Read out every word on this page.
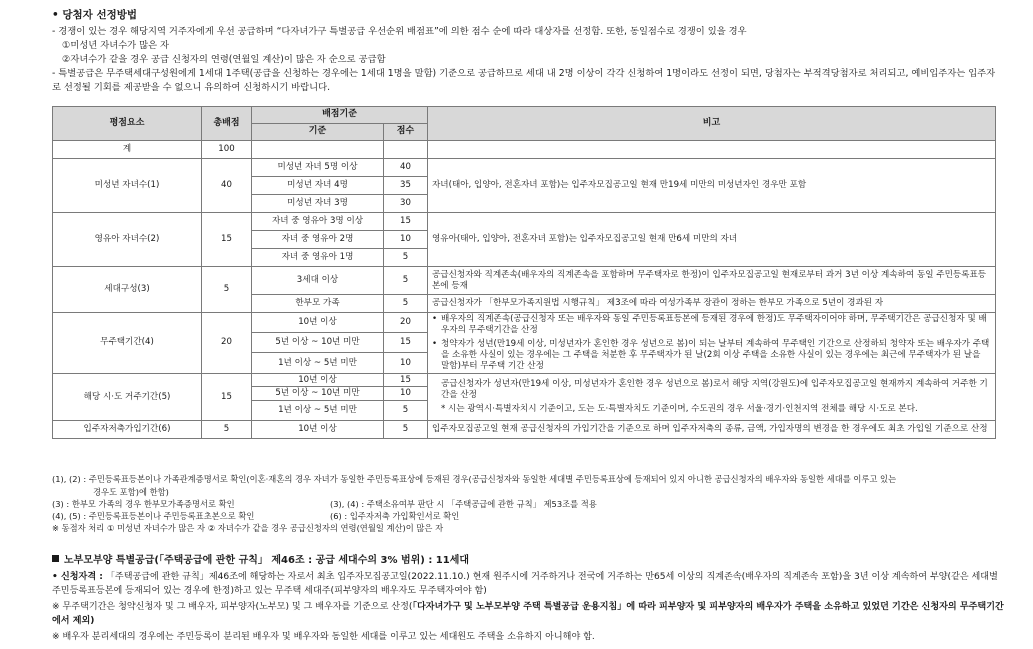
• 당첨자 선정방법
- 경쟁이 있는 경우 해당지역 거주자에게 우선 공급하며 “다자녀가구 특별공급 우선순위 배점표”에 의한 점수 순에 따라 대상자를 선정함. 또한, 동일점수로 경쟁이 있을 경우
①미성년 자녀수가 많은 자
②자녀수가 같을 경우 공급 신청자의 연령(연월일 계산)이 많은 자 순으로 공급함
- 특별공급은 무주택세대구성원에게 1세대 1주택(공급을 신청하는 경우에는 1세대 1명을 말함) 기준으로 공급하므로 세대 내 2명 이상이 각각 신청하여 1명이라도 선정이 되면, 당첨자는 부적격당첨자로 처리되고, 예비입주자는 입주자로 선정될 기회를 제공받을 수 없으니 유의하여 신청하시기 바랍니다.
평점요소	총배점	배점기준		비고
		기준	점수	
계	100			
미성년 자녀수(1)	40	미성년 자녀 5명 이상	40	자녀(태아, 입양아, 전혼자녀 포함)는 입주자모집공고일 현재 만19세 미만의 미성년자인 경우만 포함
		미성년 자녀 4명	35	
		미성년 자녀 3명	30	
영유아 자녀수(2)	15	자녀 중 영유아 3명 이상	15	영유아(태아, 입양아, 전혼자녀 포함)는 입주자모집공고일 현재 만6세 미만의 자녀
		자녀 중 영유아 2명	10	
		자녀 중 영유아 1명	5	
세대구성(3)	5	3세대 이상	5	공급신청자와 직계존속(배우자의 직계존속을 포함하며 무주택자로 한정)이 입주자모집공고일 현재로부터 과거 3년 이상 계속하여 동일 주민등록표등본에 등재
		한부모 가족	5	공급신청자가 「한부모가족지원법 시행규칙」 제3조에 따라 여성가족부 장관이 정하는 한부모 가족으로 5년이 경과된 자
무주택기간(4)	20	10년 이상	20	• 배우자의 직계존속(공급신청자 또는 배우자와 동일 주민등록표등본에 등재된 경우에 한정)도 무주택자이어야 하며, 무주택기간은 공급신청자 및 배우자의 무주택기간을 산정
• 청약자가 성년(만19세 이상, 미성년자가 혼인한 경우 성년으로 봄)이 되는 날부터 계속하여 무주택인 기간으로 산정하되 청약자 또는 배우자가 주택을 소유한 사실이 있는 경우에는 그 주택을 처분한 후 무주택자가 된 날(2회 이상 주택을 소유한 사실이 있는 경우에는 최근에 무주택자가 된 날을 말함)부터 무주택 기간 산정

		5년 이상 ~ 10년 미만	15	
		1년 이상 ~ 5년 미만	10	
해당 시·도 거주기간(5)	15	10년 이상	15	공급신청자가 성년자(만19세 이상, 미성년자가 혼인한 경우 성년으로 봄)로서 해당 지역(강원도)에 입주자모집공고일 현재까지 계속하여 거주한 기간을 산정
* 시는 광역시·특별자치시 기준이고, 도는 도·특별자치도 기준이며, 수도권의 경우 서울·경기·인천지역 전체를 해당 시·도로 본다.

		5년 이상 ~ 10년 미만	10	
		1년 이상 ~ 5년 미만	5	
입주자저축가입기간(6)	5	10년 이상	5	입주자모집공고일 현재 공급신청자의 가입기간을 기준으로 하며 입주자저축의 종류, 금액, 가입자명의 변경을 한 경우에도 최초 가입일 기준으로 산정
(1), (2) : 주민등록표등본이나 가족관계증명서로 확인(이혼·재혼의 경우 자녀가 동일한 주민등록표상에 등재된 경우(공급신청자와 동일한 세대별 주민등록표상에 등재되어 있지 아니한 공급신청자의 배우자와 동일한 세대를 이루고 있는
경우도 포함)에 한함)
(3) : 한부모 가족의 경우 한부모가족증명서로 확인	(3), (4) : 주택소유여부 판단 시 「주택공급에 관한 규칙」 제53조를 적용
(4), (5) : 주민등록표등본이나 주민등록표초본으로 확인	(6) : 입주자저축 가입확인서로 확인
※ 동점자 처리 ① 미성년 자녀수가 많은 자 ② 자녀수가 같을 경우 공급신청자의 연령(연월일 계산)이 많은 자
노부모부양 특별공급(「주택공급에 관한 규칙」 제46조 : 공급 세대수의 3% 범위) : 11세대
• 신청자격 : 「주택공급에 관한 규칙」제46조에 해당하는 자로서 최초 입주자모집공고일(2022.11.10.) 현재 원주시에 거주하거나 전국에 거주하는 만65세 이상의 직계존속(배우자의 직계존속 포함)을 3년 이상 계속하여 부양(같은 세대별 주민등록표등본에 등재되어 있는 경우에 한정)하고 있는 무주택 세대주(피부양자의 배우자도 무주택자여야 함)
※ 무주택기간은 청약신청자 및 그 배우자, 피부양자(노부모) 및 그 배우자를 기준으로 산정(「다자녀가구 및 노부모부양 주택 특별공급 운용지침」에 따라 피부양자 및 피부양자의 배우자가 주택을 소유하고 있었던 기간은 신청자의 무주택기간에서 제외)
※ 배우자 분리세대의 경우에는 주민등록이 분리된 배우자 및 배우자와 동일한 세대를 이루고 있는 세대원도 주택을 소유하지 아니해야 함.
